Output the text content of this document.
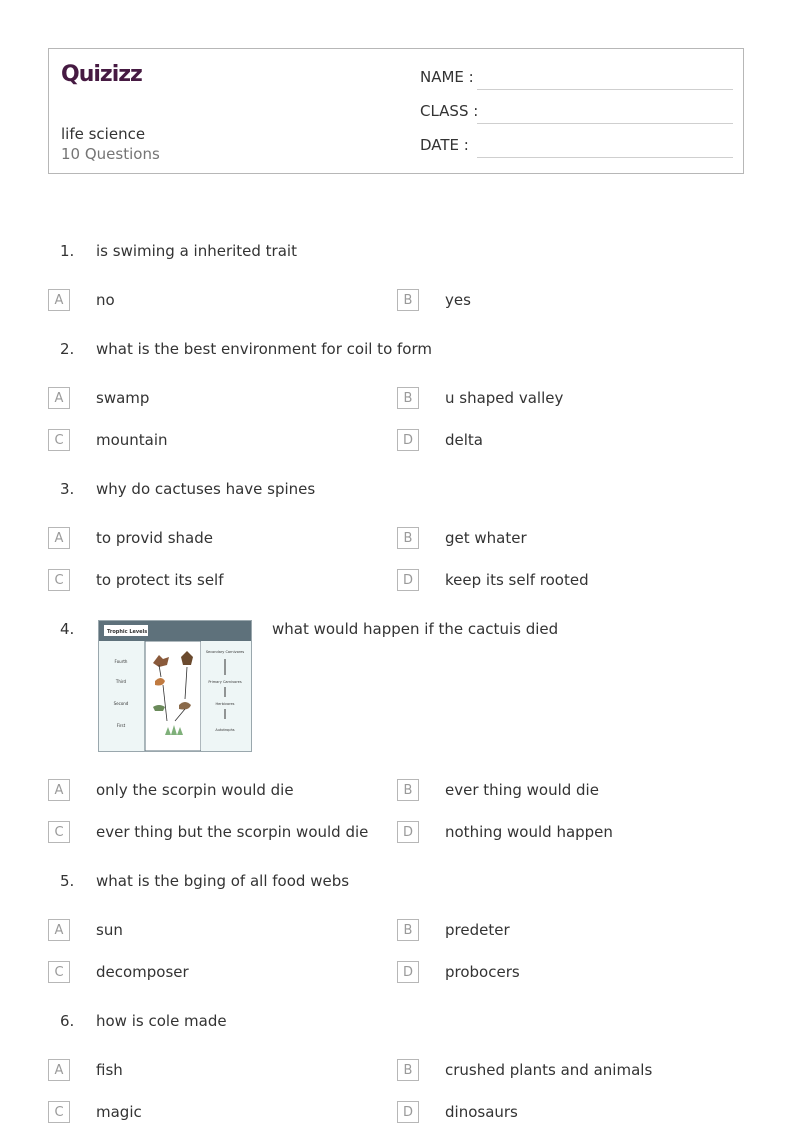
Quizizz
life science
10 Questions
NAME :
CLASS :
DATE :
1. is swiming a inherited trait
A	no	B	yes
2. what is the best environment for coil to form
A	swamp	B	u shaped valley
C	mountain	D	delta
3. why do cactuses have spines
A	to provid shade	B	get whater
C	to protect its self	D	keep its self rooted
4.	Trophic Levels
Fourth
Third
Second
First
Secondary Carnivores
Primary Carnivores
Herbivores
Autotrophs
what would happen if the cactuis died
A	only the scorpin would die	B	ever thing would die
C	ever thing but the scorpin would die	D	nothing would happen
5. what is the bging of all food webs
A	sun	B	predeter
C	decomposer	D	probocers
6. how is cole made
A	fish	B	crushed plants and animals
C	magic	D	dinosaurs
